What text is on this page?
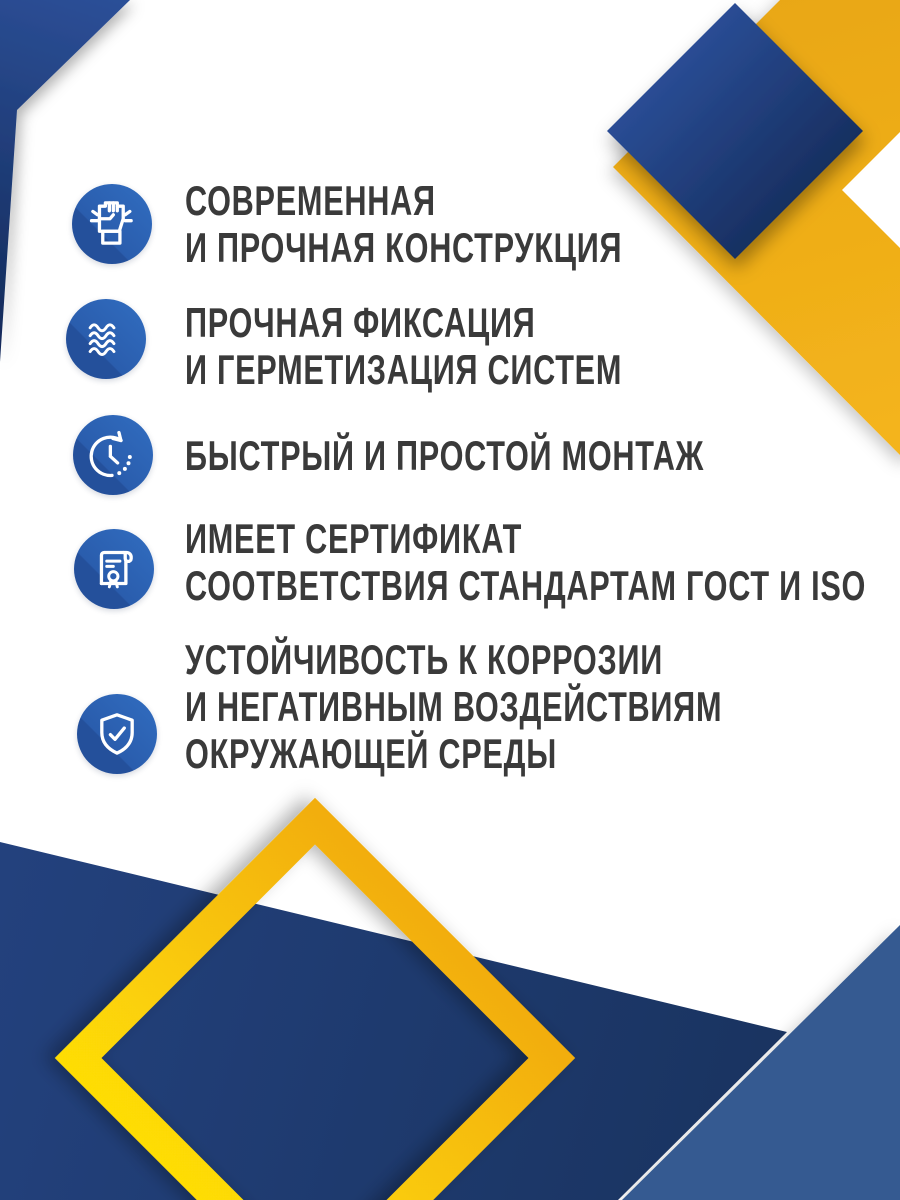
СОВРЕМЕННАЯ
И ПРОЧНАЯ КОНСТРУКЦИЯ
ПРОЧНАЯ ФИКСАЦИЯ
И ГЕРМЕТИЗАЦИЯ СИСТЕМ
БЫСТРЫЙ И ПРОСТОЙ МОНТАЖ
ИМЕЕТ СЕРТИФИКАТ
СООТВЕТСТВИЯ СТАНДАРТАМ ГОСТ И ISO
УСТОЙЧИВОСТЬ К КОРРОЗИИ
И НЕГАТИВНЫМ ВОЗДЕЙСТВИЯМ
ОКРУЖАЮЩЕЙ СРЕДЫ
